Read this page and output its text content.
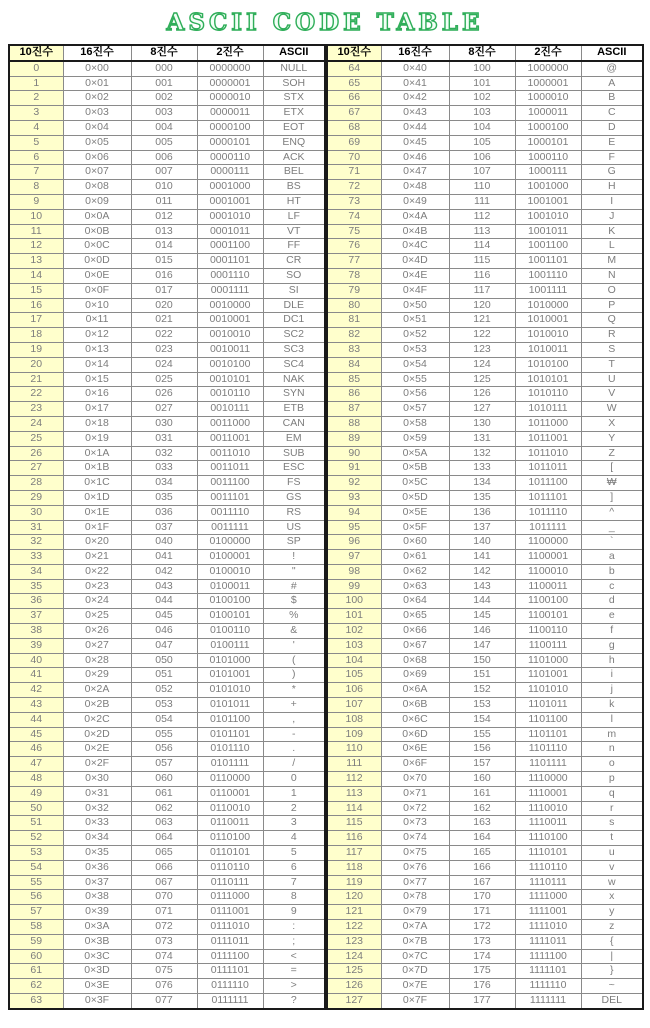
ASCII CODE TABLE
10진수	16진수	8진수	2진수	ASCII
0	0×00	000	0000000	NULL
1	0×01	001	0000001	SOH
2	0×02	002	0000010	STX
3	0×03	003	0000011	ETX
4	0×04	004	0000100	EOT
5	0×05	005	0000101	ENQ
6	0×06	006	0000110	ACK
7	0×07	007	0000111	BEL
8	0×08	010	0001000	BS
9	0×09	011	0001001	HT
10	0×0A	012	0001010	LF
11	0×0B	013	0001011	VT
12	0×0C	014	0001100	FF
13	0×0D	015	0001101	CR
14	0×0E	016	0001110	SO
15	0×0F	017	0001111	SI
16	0×10	020	0010000	DLE
17	0×11	021	0010001	DC1
18	0×12	022	0010010	SC2
19	0×13	023	0010011	SC3
20	0×14	024	0010100	SC4
21	0×15	025	0010101	NAK
22	0×16	026	0010110	SYN
23	0×17	027	0010111	ETB
24	0×18	030	0011000	CAN
25	0×19	031	0011001	EM
26	0×1A	032	0011010	SUB
27	0×1B	033	0011011	ESC
28	0×1C	034	0011100	FS
29	0×1D	035	0011101	GS
30	0×1E	036	0011110	RS
31	0×1F	037	0011111	US
32	0×20	040	0100000	SP
33	0×21	041	0100001	!
34	0×22	042	0100010	"
35	0×23	043	0100011	#
36	0×24	044	0100100	$
37	0×25	045	0100101	%
38	0×26	046	0100110	&
39	0×27	047	0100111	'
40	0×28	050	0101000	(
41	0×29	051	0101001	)
42	0×2A	052	0101010	*
43	0×2B	053	0101011	+
44	0×2C	054	0101100	,
45	0×2D	055	0101101	-
46	0×2E	056	0101110	.
47	0×2F	057	0101111	/
48	0×30	060	0110000	0
49	0×31	061	0110001	1
50	0×32	062	0110010	2
51	0×33	063	0110011	3
52	0×34	064	0110100	4
53	0×35	065	0110101	5
54	0×36	066	0110110	6
55	0×37	067	0110111	7
56	0×38	070	0111000	8
57	0×39	071	0111001	9
58	0×3A	072	0111010	:
59	0×3B	073	0111011	;
60	0×3C	074	0111100	<
61	0×3D	075	0111101	=
62	0×3E	076	0111110	>
63	0×3F	077	0111111	?
10진수	16진수	8진수	2진수	ASCII
64	0×40	100	1000000	@
65	0×41	101	1000001	A
66	0×42	102	1000010	B
67	0×43	103	1000011	C
68	0×44	104	1000100	D
69	0×45	105	1000101	E
70	0×46	106	1000110	F
71	0×47	107	1000111	G
72	0×48	110	1001000	H
73	0×49	111	1001001	I
74	0×4A	112	1001010	J
75	0×4B	113	1001011	K
76	0×4C	114	1001100	L
77	0×4D	115	1001101	M
78	0×4E	116	1001110	N
79	0×4F	117	1001111	O
80	0×50	120	1010000	P
81	0×51	121	1010001	Q
82	0×52	122	1010010	R
83	0×53	123	1010011	S
84	0×54	124	1010100	T
85	0×55	125	1010101	U
86	0×56	126	1010110	V
87	0×57	127	1010111	W
88	0×58	130	1011000	X
89	0×59	131	1011001	Y
90	0×5A	132	1011010	Z
91	0×5B	133	1011011	[
92	0×5C	134	1011100	₩
93	0×5D	135	1011101	]
94	0×5E	136	1011110	^
95	0×5F	137	1011111	_
96	0×60	140	1100000	`
97	0×61	141	1100001	a
98	0×62	142	1100010	b
99	0×63	143	1100011	c
100	0×64	144	1100100	d
101	0×65	145	1100101	e
102	0×66	146	1100110	f
103	0×67	147	1100111	g
104	0×68	150	1101000	h
105	0×69	151	1101001	i
106	0×6A	152	1101010	j
107	0×6B	153	1101011	k
108	0×6C	154	1101100	l
109	0×6D	155	1101101	m
110	0×6E	156	1101110	n
111	0×6F	157	1101111	o
112	0×70	160	1110000	p
113	0×71	161	1110001	q
114	0×72	162	1110010	r
115	0×73	163	1110011	s
116	0×74	164	1110100	t
117	0×75	165	1110101	u
118	0×76	166	1110110	v
119	0×77	167	1110111	w
120	0×78	170	1111000	x
121	0×79	171	1111001	y
122	0×7A	172	1111010	z
123	0×7B	173	1111011	{
124	0×7C	174	1111100	|
125	0×7D	175	1111101	}
126	0×7E	176	1111110	~
127	0×7F	177	1111111	DEL
